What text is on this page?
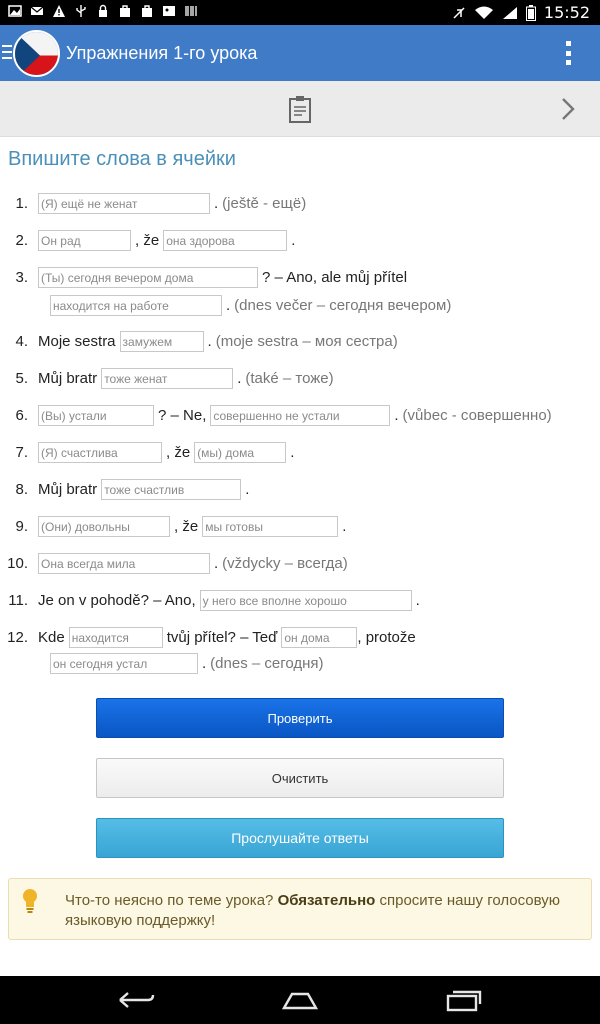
15:52
Упражнения 1-го урока
Впишите слова в ячейки
1.	(Я) ещё не женат	. (ještě - ещё)
2.	Он рад	, že она здорова	.
3.	(Ты) сегодня вечером дома	? – Ano, ale můj přítel
находится на работе	. (dnes večer – сегодня вечером)
4. Moje sestra замужем	. (moje sestra – моя сестра)
5. Můj bratr тоже женат	. (také – тоже)
6.	(Вы) устали	? – Ne, совершенно не устали	. (vůbec - совершенно)
7.	(Я) счастлива	, že (мы) дома	.
8. Můj bratr тоже счастлив	.
9.	(Они) довольны	, že мы готовы	.
10.	Она всегда мила	. (vždycky – всегда)
11. Je on v pohodě? – Ano, у него все вполне хорошо	.
12. Kde находится	tvůj přítel? – Teď он дома	, protože
он сегодня устал	. (dnes – сегодня)
Проверить
Очистить
Прослушайте ответы
Что-то неясно по теме урока? Обязательно спросите нашу голосовую языковую поддержку!
